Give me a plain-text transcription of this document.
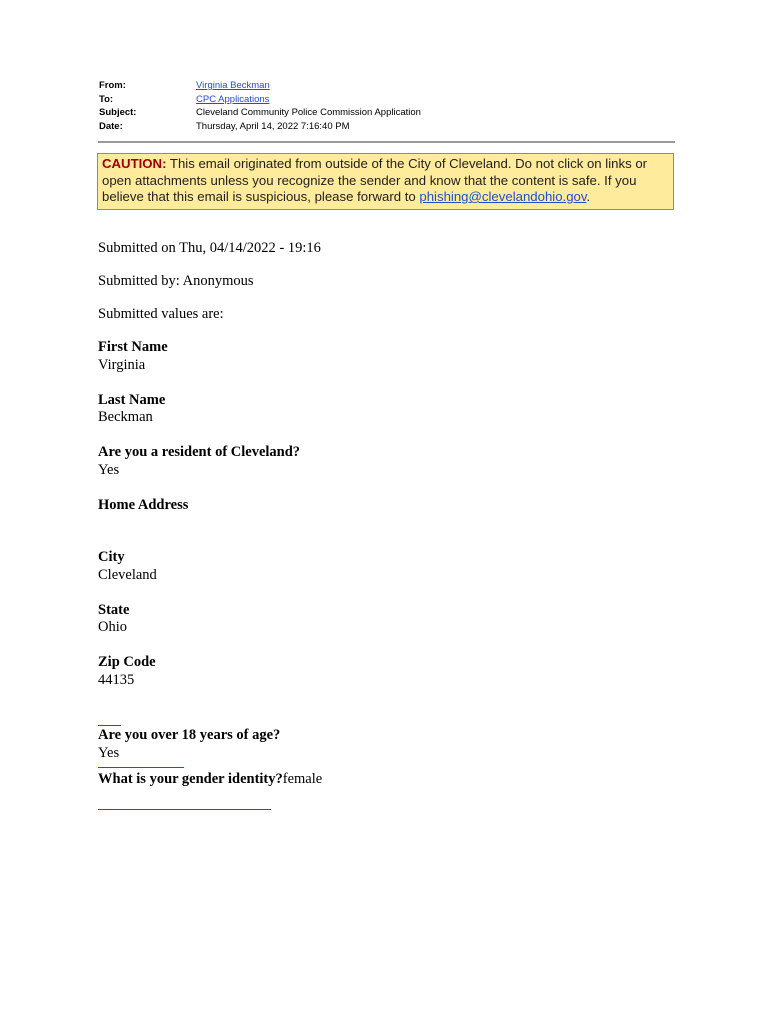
From:	Virginia Beckman
To:	CPC Applications
Subject:	Cleveland Community Police Commission Application
Date:	Thursday, April 14, 2022 7:16:40 PM
CAUTION: This email originated from outside of the City of Cleveland. Do not click on links or open attachments unless you recognize the sender and know that the content is safe. If you believe that this email is suspicious, please forward to phishing@clevelandohio.gov.
Submitted on Thu, 04/14/2022 - 19:16
Submitted by: Anonymous
Submitted values are:
First Name
Virginia
Last Name
Beckman
Are you a resident of Cleveland?
Yes
Home Address
City
Cleveland
State
Ohio
Zip Code
44135
Are you over 18 years of age?
Yes
What is your gender identity?female
